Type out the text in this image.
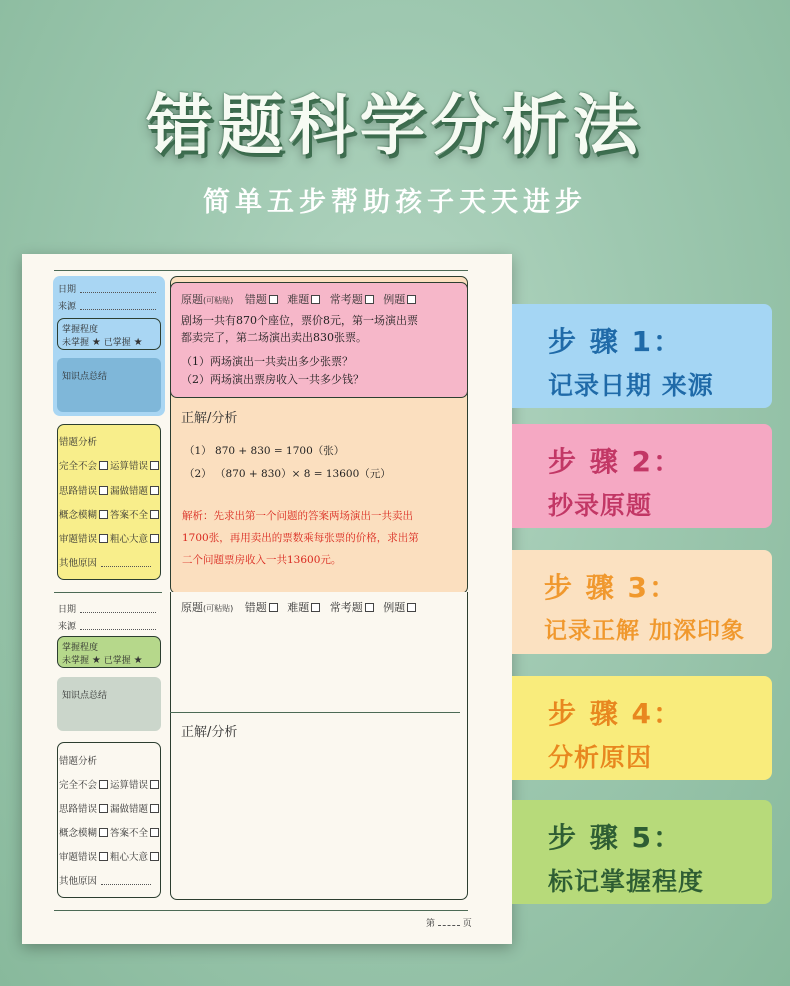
错题科学分析法
简单五步帮助孩子天天进步
日期
来源
掌握程度
未掌握 ★ 已掌握 ★
知识点总结
错题分析
完全不会 运算错误
思路错误 漏做错题
概念模糊 答案不全
审题错误 粗心大意
其他原因
原题(可粘贴) 错题 难题 常考题 例题
剧场一共有870个座位，票价8元，第一场演出票
都卖完了，第二场演出卖出830张票。
（1）两场演出一共卖出多少张票？
（2）两场演出票房收入一共多少钱？
正解/分析
（1） 870 + 830 = 1700（张）
（2） （870 + 830）× 8 = 13600（元）
解析：先求出第一个问题的答案两场演出一共卖出
1700张，再用卖出的票数乘每张票的价格，求出第
二个问题票房收入一共13600元。
日期
来源
掌握程度
未掌握 ★ 已掌握 ★
知识点总结
错题分析
完全不会 运算错误
思路错误 漏做错题
概念模糊 答案不全
审题错误 粗心大意
其他原因
原题(可粘贴) 错题 难题 常考题 例题
正解/分析
第	页
步 骤 1：
记录日期 来源
步 骤 2：
抄录原题
步 骤 3：
记录正解 加深印象
步 骤 4：
分析原因
步 骤 5：
标记掌握程度
